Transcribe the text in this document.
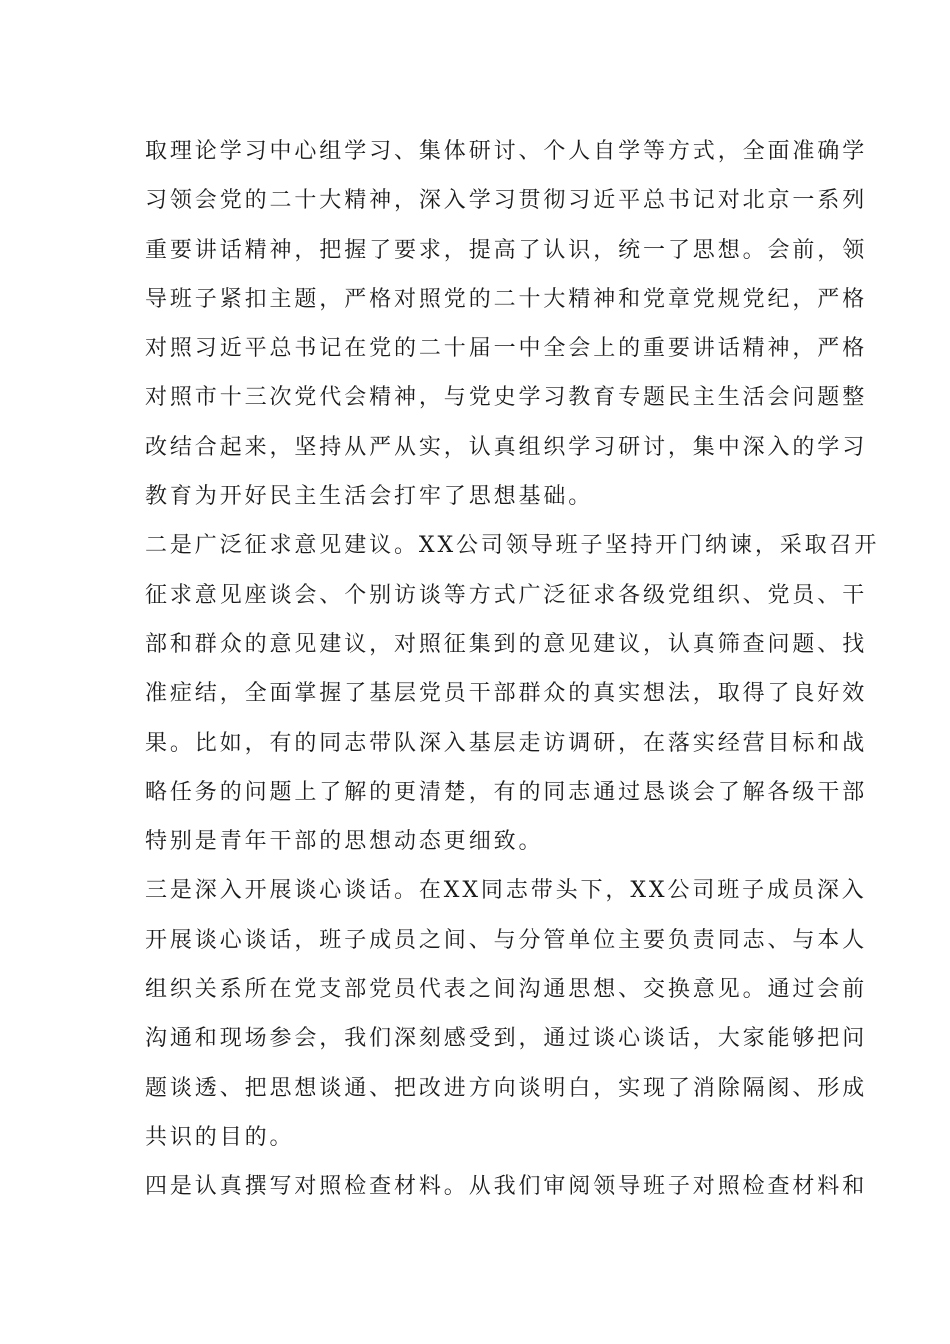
取理论学习中心组学习、集体研讨、个人自学等方式，全面准确学
习领会党的二十大精神，深入学习贯彻习近平总书记对北京一系列
重要讲话精神，把握了要求，提高了认识，统一了思想。会前，领
导班子紧扣主题，严格对照党的二十大精神和党章党规党纪，严格
对照习近平总书记在党的二十届一中全会上的重要讲话精神，严格
对照市十三次党代会精神，与党史学习教育专题民主生活会问题整
改结合起来，坚持从严从实，认真组织学习研讨，集中深入的学习
教育为开好民主生活会打牢了思想基础。
二是广泛征求意见建议。XX公司领导班子坚持开门纳谏，采取召开
征求意见座谈会、个别访谈等方式广泛征求各级党组织、党员、干
部和群众的意见建议，对照征集到的意见建议，认真筛查问题、找
准症结，全面掌握了基层党员干部群众的真实想法，取得了良好效
果。比如，有的同志带队深入基层走访调研，在落实经营目标和战
略任务的问题上了解的更清楚，有的同志通过恳谈会了解各级干部
特别是青年干部的思想动态更细致。
三是深入开展谈心谈话。在XX同志带头下，XX公司班子成员深入
开展谈心谈话，班子成员之间、与分管单位主要负责同志、与本人
组织关系所在党支部党员代表之间沟通思想、交换意见。通过会前
沟通和现场参会，我们深刻感受到，通过谈心谈话，大家能够把问
题谈透、把思想谈通、把改进方向谈明白，实现了消除隔阂、形成
共识的目的。
四是认真撰写对照检查材料。从我们审阅领导班子对照检查材料和
